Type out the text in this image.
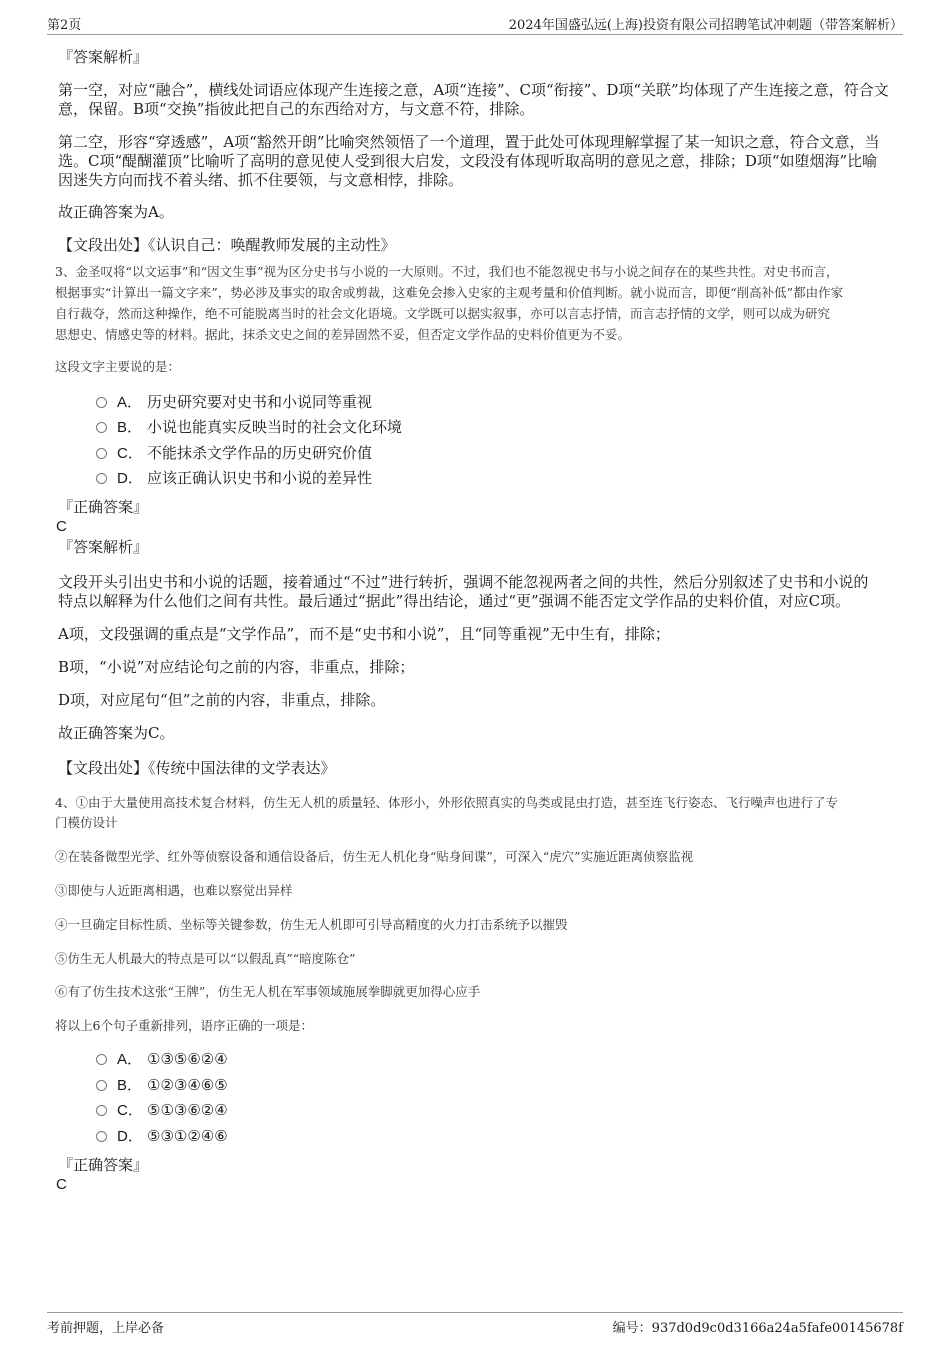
第2页	2024年国盛弘远(上海)投资有限公司招聘笔试冲刺题（带答案解析）
『答案解析』
第一空，对应“融合”，横线处词语应体现产生连接之意，A项“连接”、C项“衔接”、D项“关联”均体现了产生连接之意，符合文
意，保留。B项“交换”指彼此把自己的东西给对方，与文意不符，排除。
第二空，形容“穿透感”，A项“豁然开朗”比喻突然领悟了一个道理，置于此处可体现理解掌握了某一知识之意，符合文意，当
选。C项“醍醐灌顶”比喻听了高明的意见使人受到很大启发，文段没有体现听取高明的意见之意，排除；D项“如堕烟海”比喻
因迷失方向而找不着头绪、抓不住要领，与文意相悖，排除。
故正确答案为A。
【文段出处】《认识自己：唤醒教师发展的主动性》
3、金圣叹将“以文运事”和“因文生事”视为区分史书与小说的一大原则。不过，我们也不能忽视史书与小说之间存在的某些共性。对史书而言，
根据事实“计算出一篇文字来”，势必涉及事实的取舍或剪裁，这难免会掺入史家的主观考量和价值判断。就小说而言，即便“削高补低”都由作家
自行裁夺，然而这种操作，绝不可能脱离当时的社会文化语境。文学既可以据实叙事，亦可以言志抒情，而言志抒情的文学，则可以成为研究
思想史、情感史等的材料。据此，抹杀文史之间的差异固然不妥，但否定文学作品的史料价值更为不妥。
这段文字主要说的是：
A． 历史研究要对史书和小说同等重视
B． 小说也能真实反映当时的社会文化环境
C． 不能抹杀文学作品的历史研究价值
D． 应该正确认识史书和小说的差异性
『正确答案』
C
『答案解析』
文段开头引出史书和小说的话题，接着通过“不过”进行转折，强调不能忽视两者之间的共性，然后分别叙述了史书和小说的
特点以解释为什么他们之间有共性。最后通过“据此”得出结论，通过“更”强调不能否定文学作品的史料价值，对应C项。
A项，文段强调的重点是“文学作品”，而不是“史书和小说”，且“同等重视”无中生有，排除；
B项，“小说”对应结论句之前的内容，非重点，排除；
D项，对应尾句“但”之前的内容，非重点，排除。
故正确答案为C。
【文段出处】《传统中国法律的文学表达》
4、①由于大量使用高技术复合材料，仿生无人机的质量轻、体形小，外形依照真实的鸟类或昆虫打造，甚至连飞行姿态、飞行噪声也进行了专
门模仿设计
②在装备微型光学、红外等侦察设备和通信设备后，仿生无人机化身“贴身间谍”，可深入“虎穴”实施近距离侦察监视
③即使与人近距离相遇，也难以察觉出异样
④一旦确定目标性质、坐标等关键参数，仿生无人机即可引导高精度的火力打击系统予以摧毁
⑤仿生无人机最大的特点是可以“以假乱真”“暗度陈仓”
⑥有了仿生技术这张“王牌”，仿生无人机在军事领域施展拳脚就更加得心应手
将以上6个句子重新排列，语序正确的一项是：
A． ①③⑤⑥②④
B． ①②③④⑥⑤
C． ⑤①③⑥②④
D． ⑤③①②④⑥
『正确答案』
C
考前押题，上岸必备	编号：937d0d9c0d3166a24a5fafe00145678f
